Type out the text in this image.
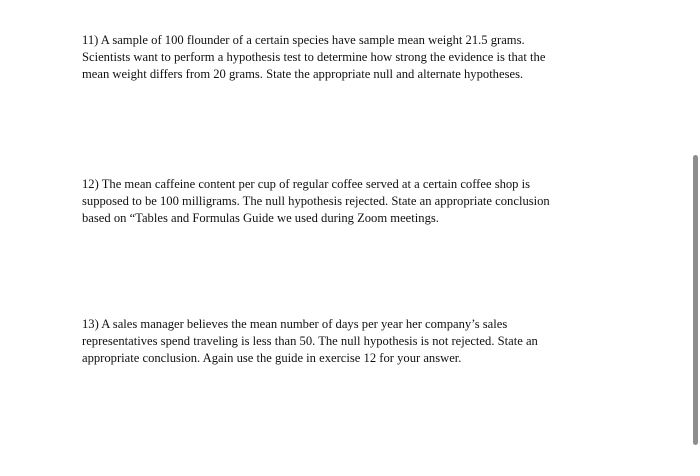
11) A sample of 100 flounder of a certain species have sample mean weight 21.5 grams.
Scientists want to perform a hypothesis test to determine how strong the evidence is that the
mean weight differs from 20 grams. State the appropriate null and alternate hypotheses.

12) The mean caffeine content per cup of regular coffee served at a certain coffee shop is
supposed to be 100 milligrams. The null hypothesis rejected. State an appropriate conclusion
based on “Tables and Formulas Guide we used during Zoom meetings.

13) A sales manager believes the mean number of days per year her company’s sales
representatives spend traveling is less than 50. The null hypothesis is not rejected. State an
appropriate conclusion. Again use the guide in exercise 12 for your answer.
